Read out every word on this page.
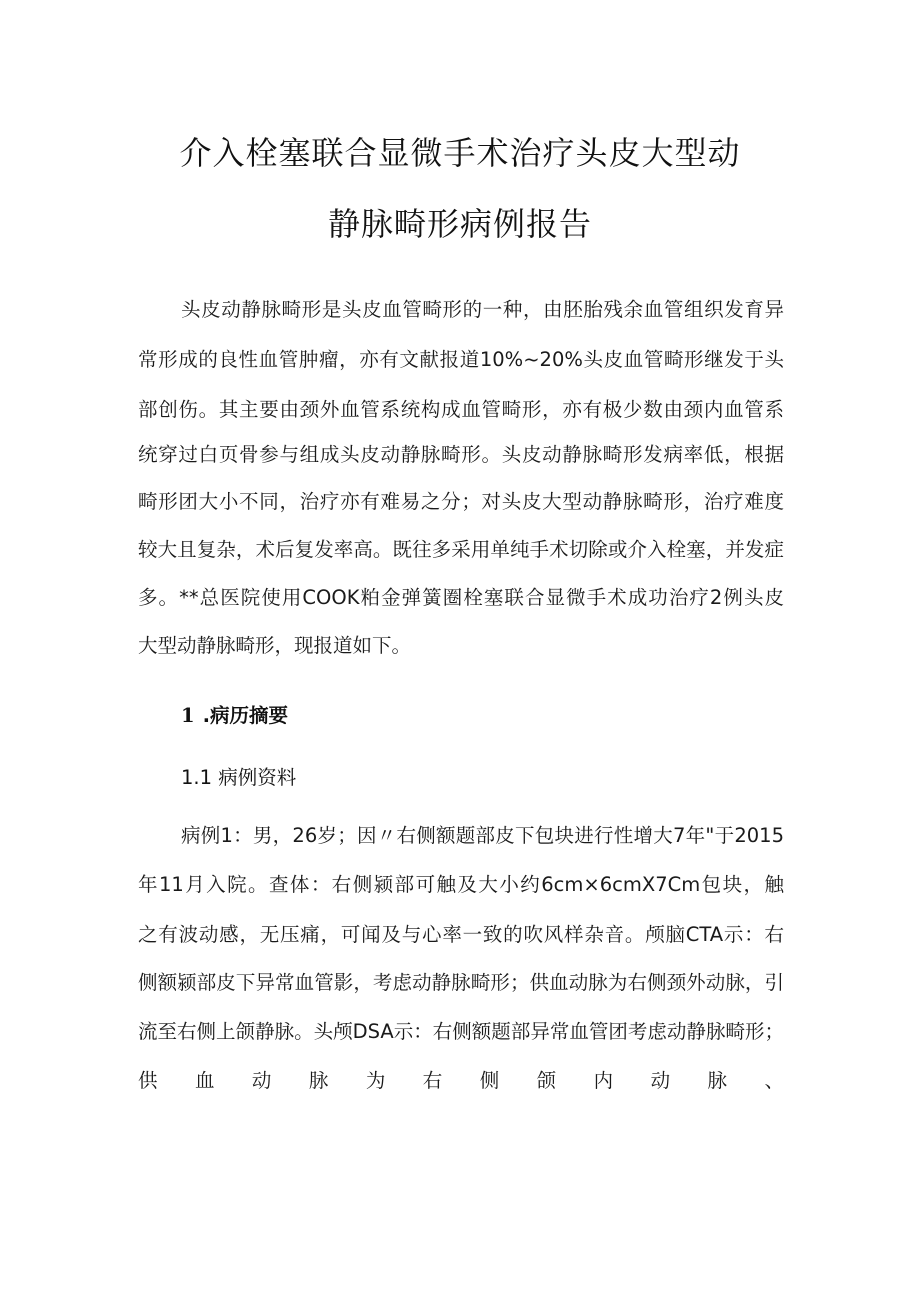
介入栓塞联合显微手术治疗头皮大型动
静脉畸形病例报告
头皮动静脉畸形是头皮血管畸形的一种，由胚胎残余血管组织发育异
常形成的良性血管肿瘤，亦有文献报道10%~20%头皮血管畸形继发于头
部创伤。其主要由颈外血管系统构成血管畸形，亦有极少数由颈内血管系
统穿过白页骨参与组成头皮动静脉畸形。头皮动静脉畸形发病率低，根据
畸形团大小不同，治疗亦有难易之分；对头皮大型动静脉畸形，治疗难度
较大且复杂，术后复发率高。既往多采用单纯手术切除或介入栓塞，并发症
多。**总医院使用COOK粕金弹簧圈栓塞联合显微手术成功治疗2例头皮
大型动静脉畸形，现报道如下。
1 .病历摘要
1.1 病例资料
病例1：男，26岁；因〃右侧额题部皮下包块进行性增大7年"于2015
年11月入院。查体：右侧颍部可触及大小约6cm×6cmX7Cm包块，触
之有波动感，无压痛，可闻及与心率一致的吹风样杂音。颅脑CTA示：右
侧额颍部皮下异常血管影，考虑动静脉畸形；供血动脉为右侧颈外动脉，引
流至右侧上颌静脉。头颅DSA示：右侧额题部异常血管团考虑动静脉畸形；
供　血　动　脉　为　右　侧　颌　内　动　脉　、
